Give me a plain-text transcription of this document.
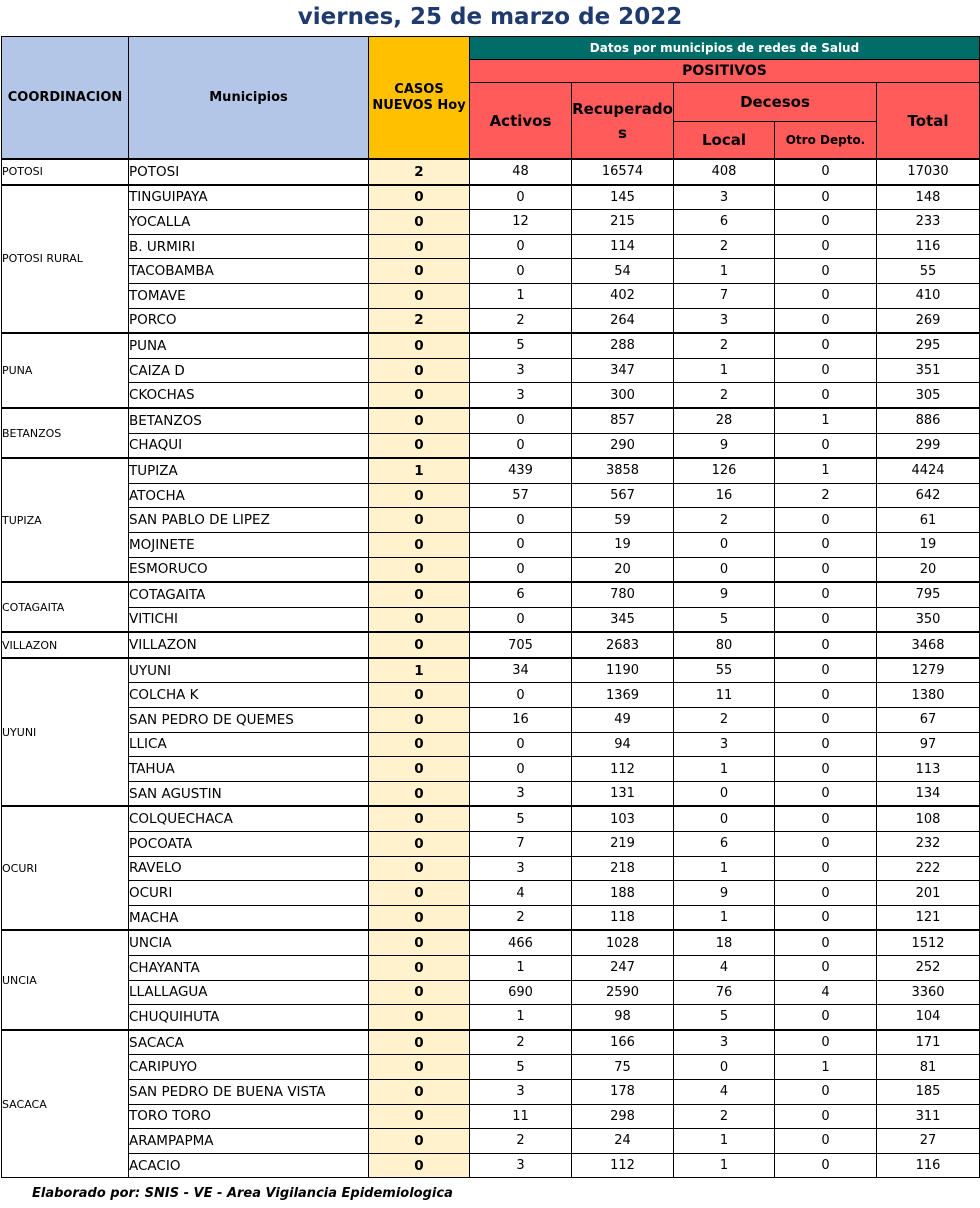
viernes, 25 de marzo de 2022
COORDINACION	Municipios	CASOS NUEVOS Hoy	Datos por municipios de redes de Salud				
			POSITIVOS				
			Activos	Recuperados	Decesos		Total
					Local	Otro Depto.	
POTOSI	POTOSI	2	48	16574	408	0	17030
POTOSI RURAL	TINGUIPAYA	0	0	145	3	0	148
	YOCALLA	0	12	215	6	0	233
	B. URMIRI	0	0	114	2	0	116
	TACOBAMBA	0	0	54	1	0	55
	TOMAVE	0	1	402	7	0	410
	PORCO	2	2	264	3	0	269
PUNA	PUNA	0	5	288	2	0	295
	CAIZA D	0	3	347	1	0	351
	CKOCHAS	0	3	300	2	0	305
BETANZOS	BETANZOS	0	0	857	28	1	886
	CHAQUI	0	0	290	9	0	299
TUPIZA	TUPIZA	1	439	3858	126	1	4424
	ATOCHA	0	57	567	16	2	642
	SAN PABLO DE LIPEZ	0	0	59	2	0	61
	MOJINETE	0	0	19	0	0	19
	ESMORUCO	0	0	20	0	0	20
COTAGAITA	COTAGAITA	0	6	780	9	0	795
	VITICHI	0	0	345	5	0	350
VILLAZON	VILLAZON	0	705	2683	80	0	3468
UYUNI	UYUNI	1	34	1190	55	0	1279
	COLCHA K	0	0	1369	11	0	1380
	SAN PEDRO DE QUEMES	0	16	49	2	0	67
	LLICA	0	0	94	3	0	97
	TAHUA	0	0	112	1	0	113
	SAN AGUSTIN	0	3	131	0	0	134
OCURI	COLQUECHACA	0	5	103	0	0	108
	POCOATA	0	7	219	6	0	232
	RAVELO	0	3	218	1	0	222
	OCURI	0	4	188	9	0	201
	MACHA	0	2	118	1	0	121
UNCIA	UNCIA	0	466	1028	18	0	1512
	CHAYANTA	0	1	247	4	0	252
	LLALLAGUA	0	690	2590	76	4	3360
	CHUQUIHUTA	0	1	98	5	0	104
SACACA	SACACA	0	2	166	3	0	171
	CARIPUYO	0	5	75	0	1	81
	SAN PEDRO DE BUENA VISTA	0	3	178	4	0	185
	TORO TORO	0	11	298	2	0	311
	ARAMPAPMA	0	2	24	1	0	27
	ACACIO	0	3	112	1	0	116
Elaborado por: SNIS - VE - Area Vigilancia Epidemiologica
